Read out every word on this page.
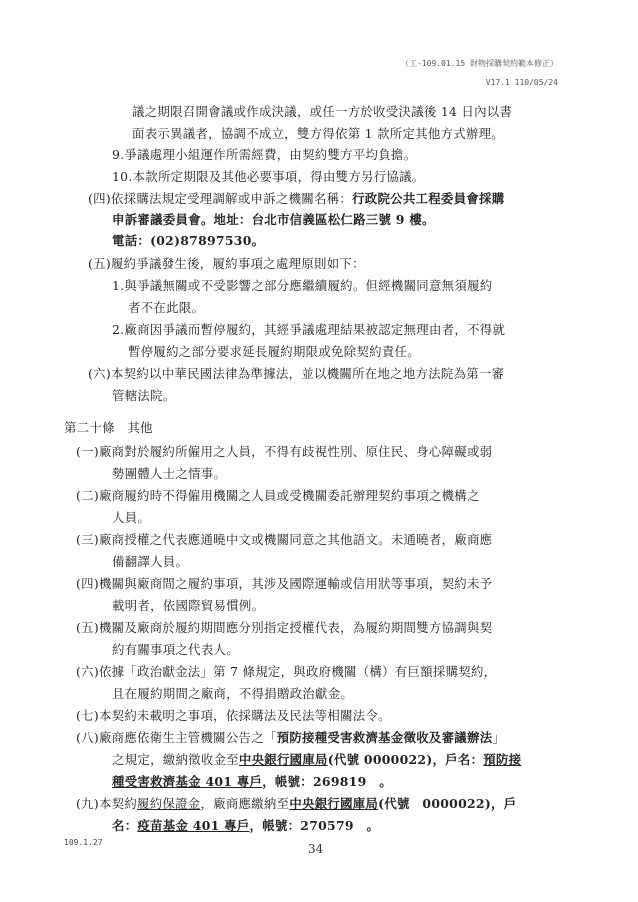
（工-109.01.15 財物採購契約範本修正）
V17.1 110/05/24
議之期限召開會議或作成決議，或任一方於收受決議後 14 日內以書
面表示異議者，協調不成立，雙方得依第 1 款所定其他方式辦理。
9.爭議處理小組運作所需經費，由契約雙方平均負擔。
10.本款所定期限及其他必要事項，得由雙方另行協議。
(四)依採購法規定受理調解或申訴之機關名稱：行政院公共工程委員會採購
申訴審議委員會。地址：台北市信義區松仁路三號 9 樓。
電話：(02)87897530。
(五)履約爭議發生後，履約事項之處理原則如下：
1.與爭議無關或不受影響之部分應繼續履約。但經機關同意無須履約
者不在此限。
2.廠商因爭議而暫停履約，其經爭議處理結果被認定無理由者，不得就
暫停履約之部分要求延長履約期限或免除契約責任。
(六)本契約以中華民國法律為準據法，並以機關所在地之地方法院為第一審
管轄法院。
第二十條　其他
(一)廠商對於履約所僱用之人員，不得有歧視性別、原住民、身心障礙或弱
勢團體人士之情事。
(二)廠商履約時不得僱用機關之人員或受機關委託辦理契約事項之機構之
人員。
(三)廠商授權之代表應通曉中文或機關同意之其他語文。未通曉者，廠商應
備翻譯人員。
(四)機關與廠商間之履約事項，其涉及國際運輸或信用狀等事項，契約未予
載明者，依國際貿易慣例。
(五)機關及廠商於履約期間應分別指定授權代表，為履約期間雙方協調與契
約有關事項之代表人。
(六)依據「政治獻金法」第 7 條規定，與政府機關（構）有巨額採購契約，
且在履約期間之廠商，不得捐贈政治獻金。
(七)本契約未載明之事項，依採購法及民法等相關法令。
(八)廠商應依衛生主管機關公告之「預防接種受害救濟基金徵收及審議辦法」
之規定，繳納徵收金至中央銀行國庫局(代號 0000022)，戶名：預防接
種受害救濟基金 401 專戶，帳號：269819　。
(九)本契約履約保證金，廠商應繳納至中央銀行國庫局(代號　0000022)，戶
名：疫苗基金 401 專戶，帳號：270579　。
109.1.27	34
